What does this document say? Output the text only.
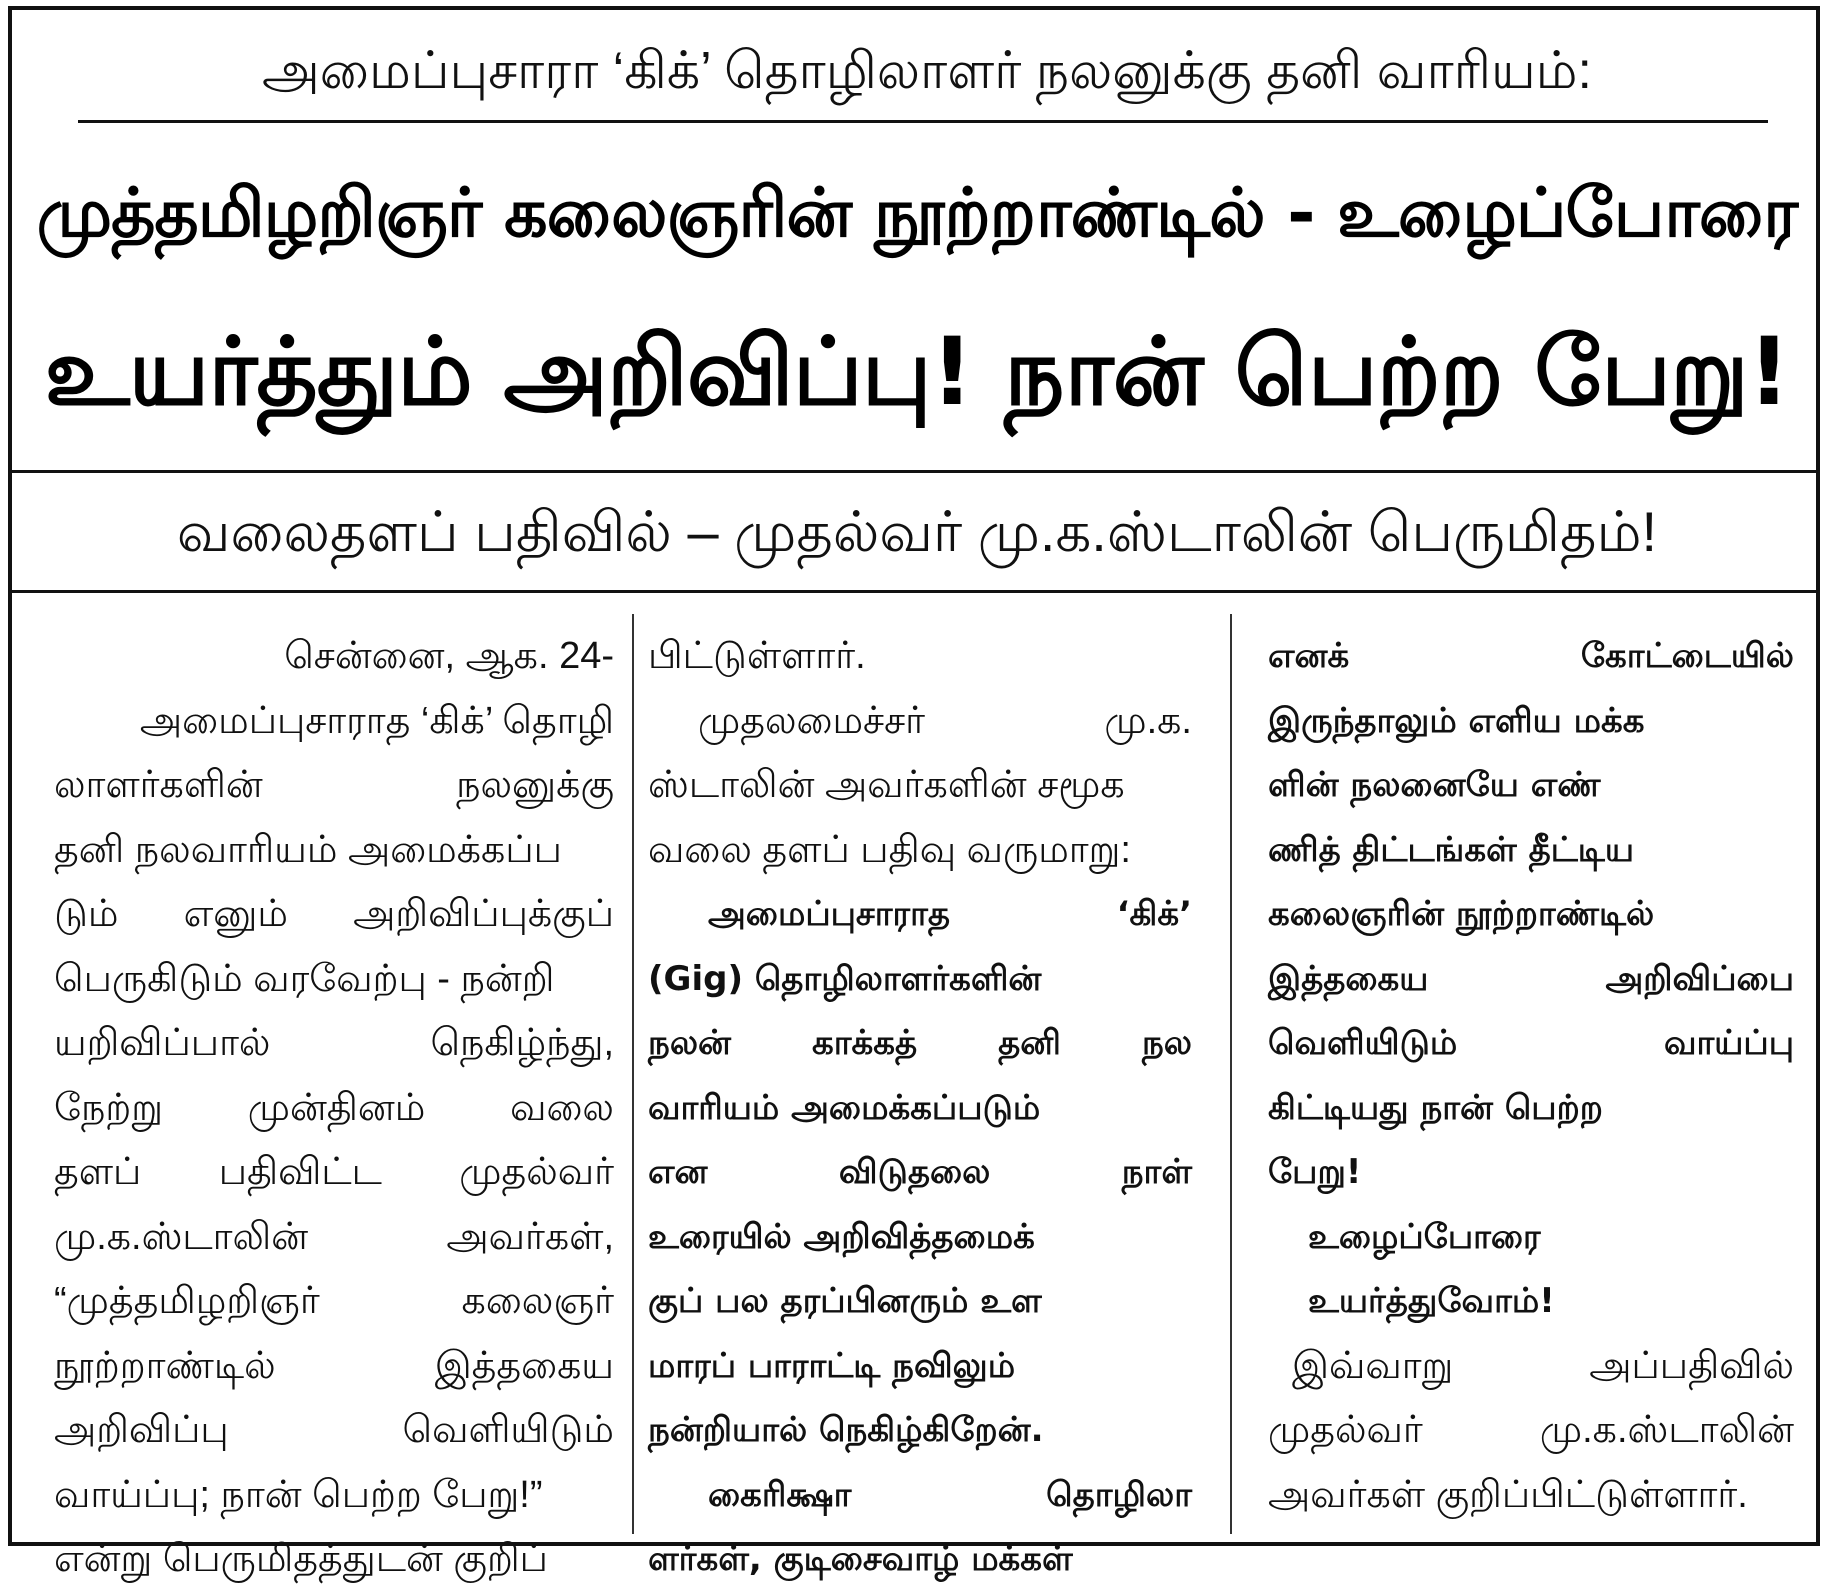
அமைப்புசாரா ‘கிக்’ தொழிலாளர் நலனுக்கு தனி வாரியம்:
முத்தமிழறிஞர் கலைஞரின் நூற்றாண்டில் - உழைப்போரை
உயர்த்தும் அறிவிப்பு! நான் பெற்ற பேறு!
வலைதளப் பதிவில் – முதல்வர் மு.க.ஸ்டாலின் பெருமிதம்!
சென்னை, ஆக. 24-
அமைப்புசாராத ‘கிக்’ தொழி
லாளர்களின்	நலனுக்கு
தனி நலவாரியம் அமைக்கப்ப
டும் எனும் அறிவிப்புக்குப்
பெருகிடும் வரவேற்பு - நன்றி
யறிவிப்பால்	நெகிழ்ந்து,
நேற்று முன்தினம் வலை
தளப் பதிவிட்ட முதல்வர்
மு.க.ஸ்டாலின்	அவர்கள்,
“முத்தமிழறிஞர்	கலைஞர்
நூற்றாண்டில்	இத்தகைய
அறிவிப்பு	வெளியிடும்
வாய்ப்பு; நான் பெற்ற பேறு!”
என்று பெருமிதத்துடன் குறிப்
பிட்டுள்ளார்.
முதலமைச்சர்	மு.க.
ஸ்டாலின் அவர்களின் சமூக
வலை தளப் பதிவு வருமாறு:
அமைப்புசாராத	‘கிக்’
(Gig) தொழிலாளர்களின்
நலன் காக்கத் தனி நல
வாரியம் அமைக்கப்படும்
என	விடுதலை	நாள்
உரையில் அறிவித்தமைக்
குப் பல தரப்பினரும் உள
மாரப் பாராட்டி நவிலும்
நன்றியால் நெகிழ்கிறேன்.
கைரிக்ஷா	தொழிலா
ளர்கள், குடிசைவாழ் மக்கள்
எனக்	கோட்டையில்
இருந்தாலும் எளிய மக்க
ளின் நலனையே எண்
ணித் திட்டங்கள் தீட்டிய
கலைஞரின் நூற்றாண்டில்
இத்தகைய	அறிவிப்பை
வெளியிடும்	வாய்ப்பு
கிட்டியது நான் பெற்ற
பேறு!
உழைப்போரை
உயர்த்துவோம்!
இவ்வாறு	அப்பதிவில்
முதல்வர்	மு.க.ஸ்டாலின்
அவர்கள் குறிப்பிட்டுள்ளார்.
